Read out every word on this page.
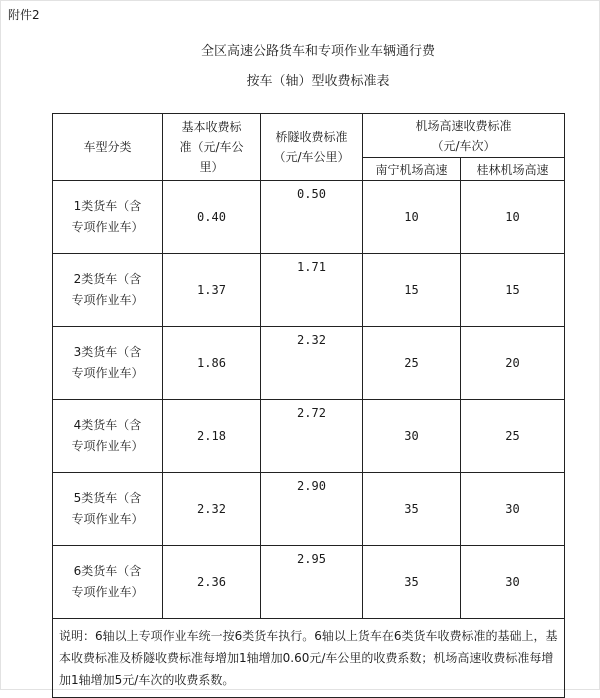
附件2
全区高速公路货车和专项作业车辆通行费
按车（轴）型收费标准表
车型分类	基本收费标准（元/车公里）	桥隧收费标准（元/车公里）	机场高速收费标准（元/车次）	

			南宁机场高速	桂林机场高速

1类货车（含专项作业车）	0.40	0.50	10	10

2类货车（含专项作业车）	1.37	1.71	15	15

3类货车（含专项作业车）	1.86	2.32	25	20

4类货车（含专项作业车）	2.18	2.72	30	25

5类货车（含专项作业车）	2.32	2.90	35	30

6类货车（含专项作业车）	2.36	2.95	35	30
说明：6轴以上专项作业车统一按6类货车执行。6轴以上货车在6类货车收费标准的基础上，基本收费标准及桥隧收费标准每增加1轴增加0.60元/车公里的收费系数；机场高速收费标准每增加1轴增加5元/车次的收费系数。				
